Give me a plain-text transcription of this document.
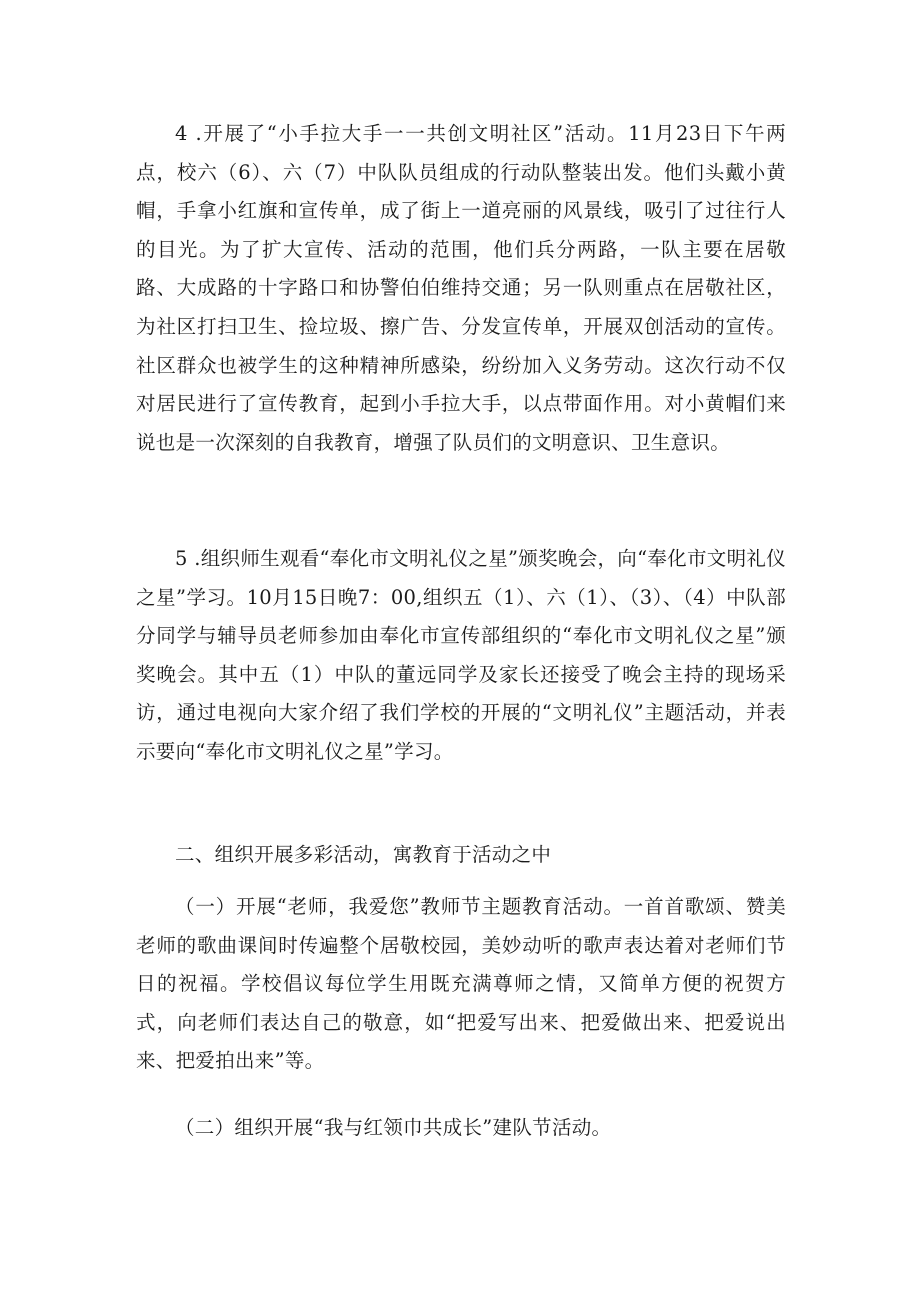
4 .开展了“小手拉大手一一共创文明社区”活动。11月23日下午两点，校六（6）、六（7）中队队员组成的行动队整装出发。他们头戴小黄帽，手拿小红旗和宣传单，成了街上一道亮丽的风景线，吸引了过往行人的目光。为了扩大宣传、活动的范围，他们兵分两路，一队主要在居敬路、大成路的十字路口和协警伯伯维持交通；另一队则重点在居敬社区，为社区打扫卫生、捡垃圾、擦广告、分发宣传单，开展双创活动的宣传。社区群众也被学生的这种精神所感染，纷纷加入义务劳动。这次行动不仅对居民进行了宣传教育，起到小手拉大手，以点带面作用。对小黄帽们来说也是一次深刻的自我教育，增强了队员们的文明意识、卫生意识。

5 .组织师生观看“奉化市文明礼仪之星”颁奖晚会，向“奉化市文明礼仪之星”学习。10月15日晚7：00,组织五（1）、六（1）、（3）、（4）中队部分同学与辅导员老师参加由奉化市宣传部组织的“奉化市文明礼仪之星”颁奖晚会。其中五（1）中队的董远同学及家长还接受了晚会主持的现场采访，通过电视向大家介绍了我们学校的开展的“文明礼仪”主题活动，并表示要向“奉化市文明礼仪之星”学习。

二、组织开展多彩活动，寓教育于活动之中

（一）开展“老师，我爱您”教师节主题教育活动。一首首歌颂、赞美老师的歌曲课间时传遍整个居敬校园，美妙动听的歌声表达着对老师们节日的祝福。学校倡议每位学生用既充满尊师之情，又简单方便的祝贺方式，向老师们表达自己的敬意，如“把爱写出来、把爱做出来、把爱说出来、把爱拍出来”等。

（二）组织开展“我与红领巾共成长”建队节活动。
